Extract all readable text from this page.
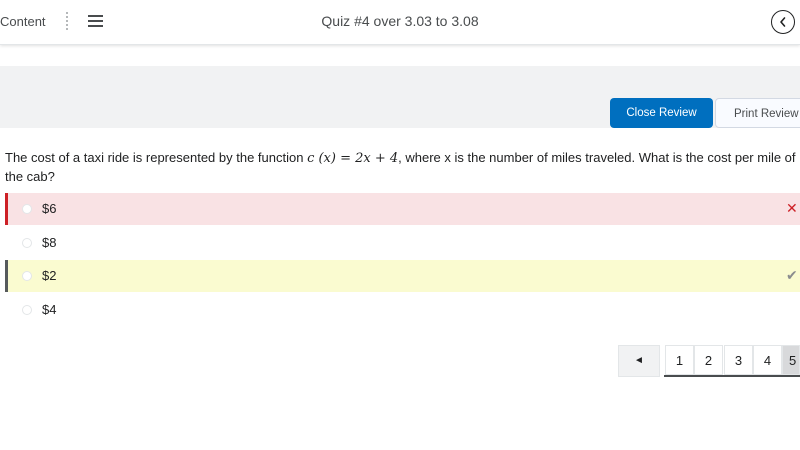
Content	Quiz #4 over 3.03 to 3.08
Close Review	Print Review
The cost of a taxi ride is represented by the function c (x) = 2x + 4, where x is the number of miles traveled. What is the cost per mile of the cab?
$6	✕
$8
$2	✔
$4
◄	1	2	3	4	5
